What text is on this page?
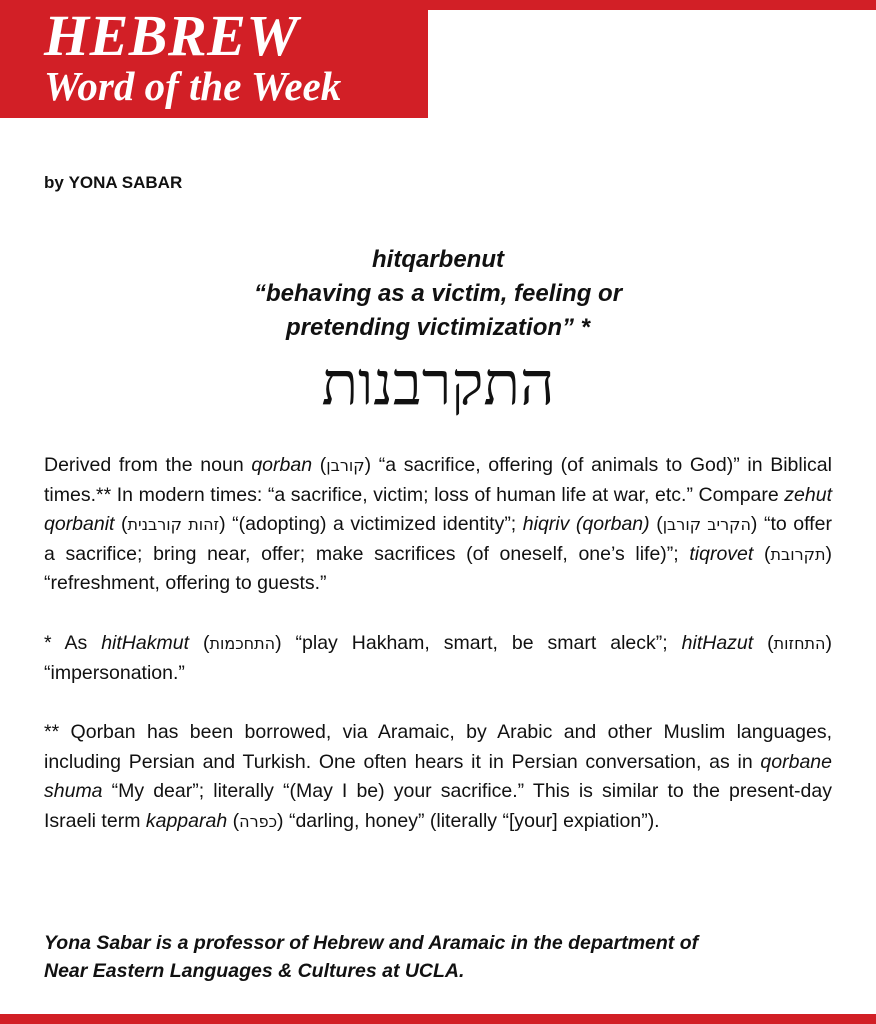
HEBREW
Word of the Week
by YONA SABAR
hitqarbenut
“behaving as a victim, feeling or
pretending victimization” *
התקרבנות

Derived from the noun qorban (קורבן) “a sacrifice, offering (of animals to God)” in Biblical times.** In modern times: “a sacrifice, victim; loss of human life at war, etc.” Compare zehut qorbanit (זהות קורבנית) “(adopting) a victimized identity”; hiqriv (qorban) (הקריב קורבן) “to offer a sacrifice; bring near, offer; make sacrifices (of oneself, one’s life)”; tiqrovet (תקרובת) “refreshment, offering to guests.”

* As hitHakmut (התחכמות) “play Hakham, smart, be smart aleck”; hitHazut (התחזות) “impersonation.”

** Qorban has been borrowed, via Aramaic, by Arabic and other Muslim languages, including Persian and Turkish. One often hears it in Persian conversation, as in qorbane shuma “My dear”; literally “(May I be) your sacrifice.” This is similar to the present-day Israeli term kapparah (כפרה) “darling, honey” (literally “[your] expiation”).

Yona Sabar is a professor of Hebrew and Aramaic in the department of
Near Eastern Languages & Cultures at UCLA.
